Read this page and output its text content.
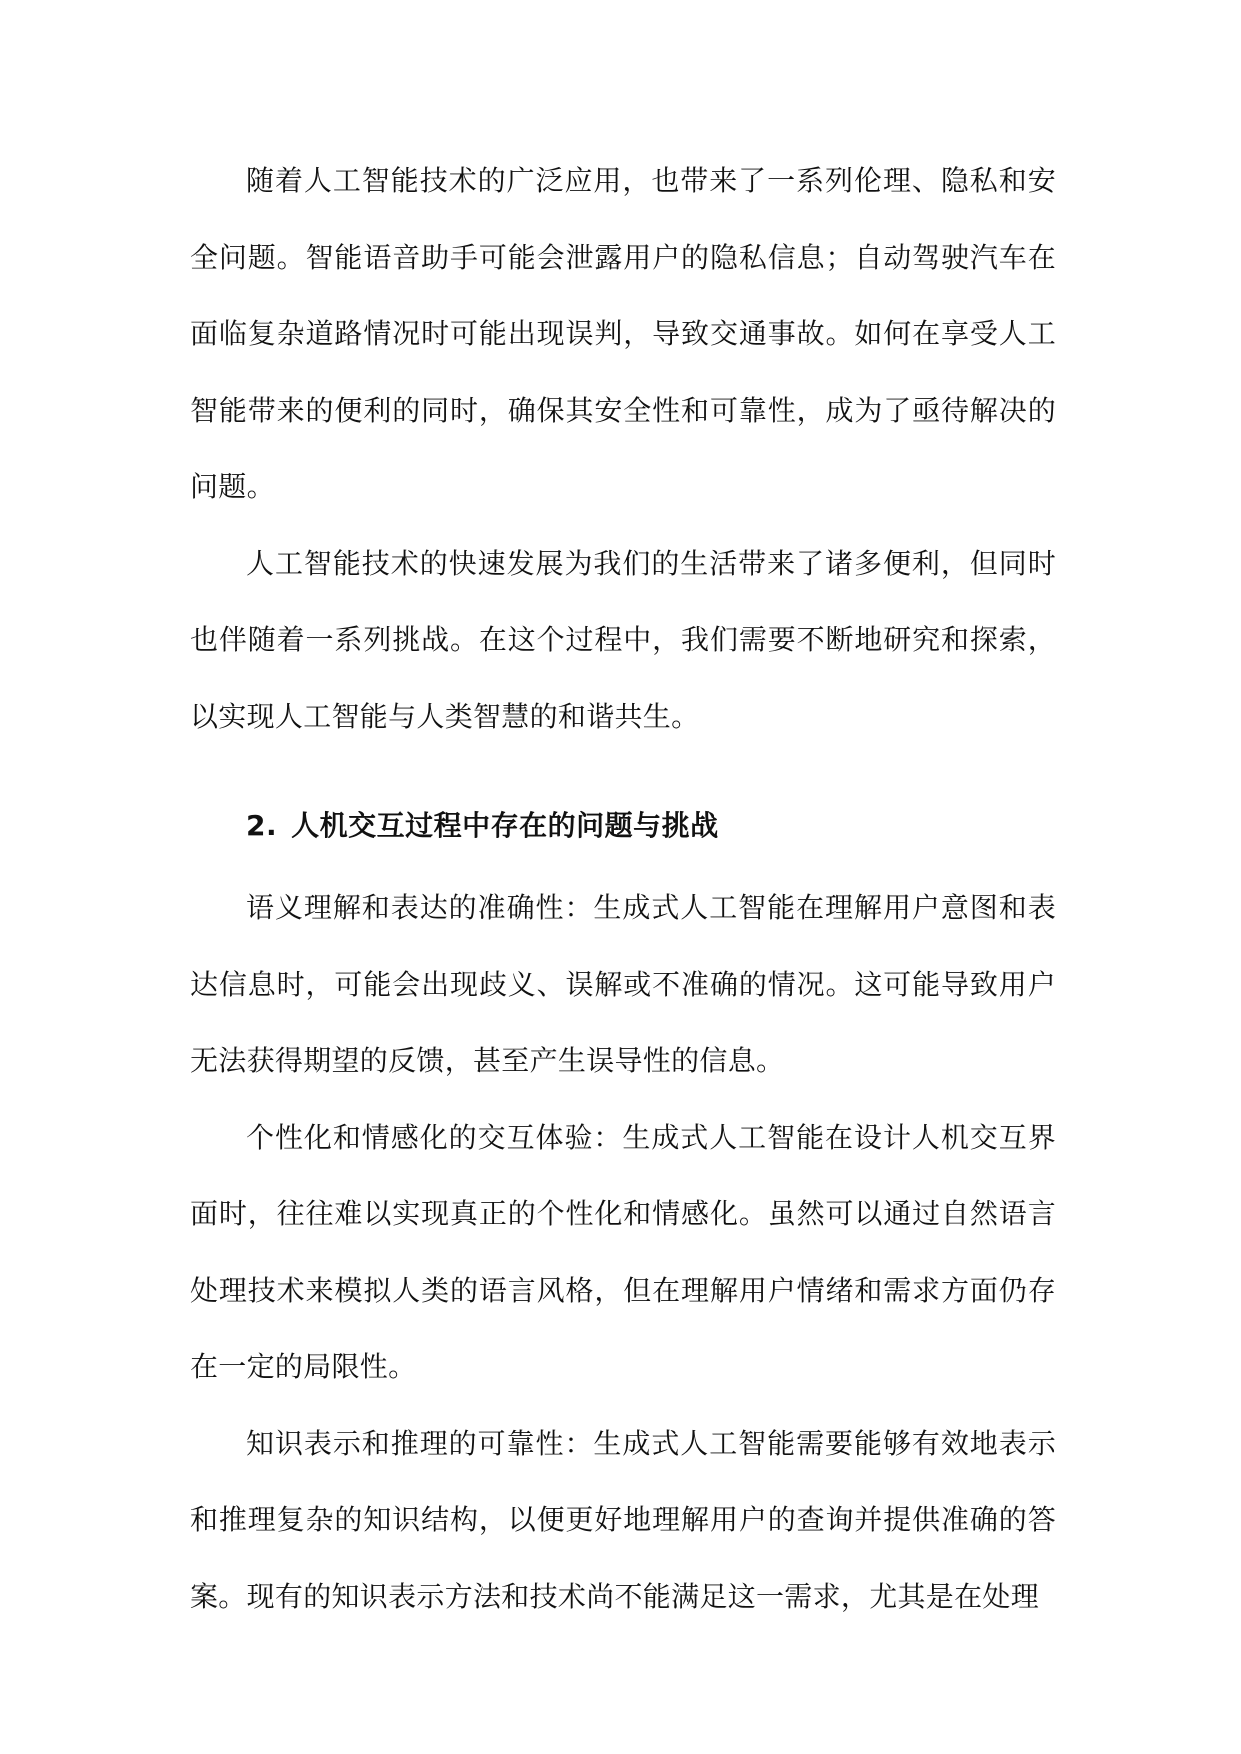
随着人工智能技术的广泛应用，也带来了一系列伦理、隐私和安全问题。智能语音助手可能会泄露用户的隐私信息；自动驾驶汽车在面临复杂道路情况时可能出现误判，导致交通事故。如何在享受人工智能带来的便利的同时，确保其安全性和可靠性，成为了亟待解决的问题。

人工智能技术的快速发展为我们的生活带来了诸多便利，但同时也伴随着一系列挑战。在这个过程中，我们需要不断地研究和探索，以实现人工智能与人类智慧的和谐共生。

2. 人机交互过程中存在的问题与挑战

语义理解和表达的准确性：生成式人工智能在理解用户意图和表达信息时，可能会出现歧义、误解或不准确的情况。这可能导致用户无法获得期望的反馈，甚至产生误导性的信息。

个性化和情感化的交互体验：生成式人工智能在设计人机交互界面时，往往难以实现真正的个性化和情感化。虽然可以通过自然语言处理技术来模拟人类的语言风格，但在理解用户情绪和需求方面仍存在一定的局限性。

知识表示和推理的可靠性：生成式人工智能需要能够有效地表示和推理复杂的知识结构，以便更好地理解用户的查询并提供准确的答案。现有的知识表示方法和技术尚不能满足这一需求，尤其是在处理
